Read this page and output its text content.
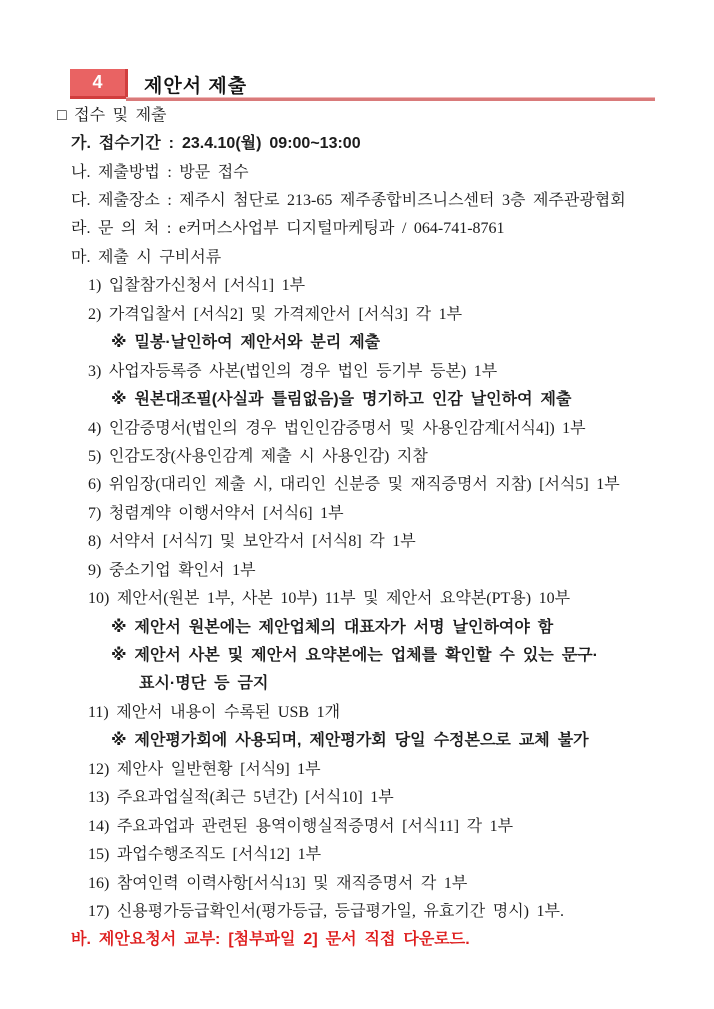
4	제안서 제출
□ 접수 및 제출
가. 접수기간 : 23.4.10(월) 09:00~13:00
나. 제출방법 : 방문 접수
다. 제출장소 : 제주시 첨단로 213-65 제주종합비즈니스센터 3층 제주관광협회
라. 문 의 처 : e커머스사업부 디지털마케팅과 / 064-741-8761
마. 제출 시 구비서류
1) 입찰참가신청서 [서식1] 1부
2) 가격입찰서 [서식2] 및 가격제안서 [서식3] 각 1부
※ 밀봉·날인하여 제안서와 분리 제출
3) 사업자등록증 사본(법인의 경우 법인 등기부 등본) 1부
※ 원본대조필(사실과 틀림없음)을 명기하고 인감 날인하여 제출
4) 인감증명서(법인의 경우 법인인감증명서 및 사용인감계[서식4]) 1부
5) 인감도장(사용인감계 제출 시 사용인감) 지참
6) 위임장(대리인 제출 시, 대리인 신분증 및 재직증명서 지참) [서식5] 1부
7) 청렴계약 이행서약서 [서식6] 1부
8) 서약서 [서식7] 및 보안각서 [서식8] 각 1부
9) 중소기업 확인서 1부
10) 제안서(원본 1부, 사본 10부) 11부 및 제안서 요약본(PT용) 10부
※ 제안서 원본에는 제안업체의 대표자가 서명 날인하여야 함
※ 제안서 사본 및 제안서 요약본에는 업체를 확인할 수 있는 문구·
표시·명단 등 금지
11) 제안서 내용이 수록된 USB 1개
※ 제안평가회에 사용되며, 제안평가회 당일 수정본으로 교체 불가
12) 제안사 일반현황 [서식9] 1부
13) 주요과업실적(최근 5년간) [서식10] 1부
14) 주요과업과 관련된 용역이행실적증명서 [서식11] 각 1부
15) 과업수행조직도 [서식12] 1부
16) 참여인력 이력사항[서식13] 및 재직증명서 각 1부
17) 신용평가등급확인서(평가등급, 등급평가일, 유효기간 명시) 1부.
바. 제안요청서 교부: [첨부파일 2] 문서 직접 다운로드.
